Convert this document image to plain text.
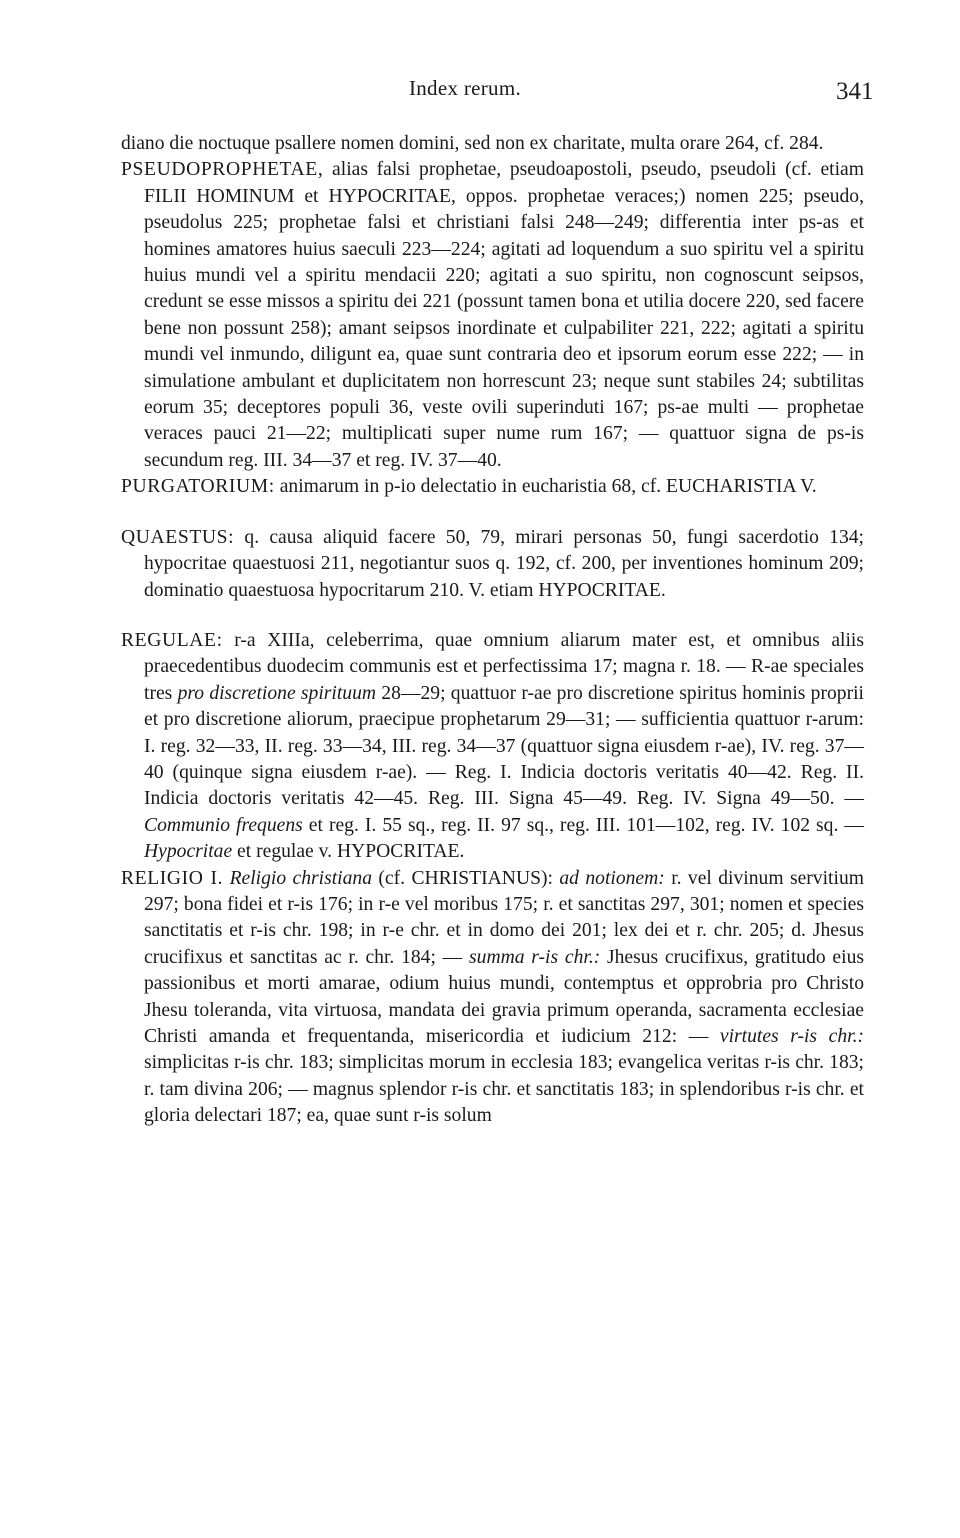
Index rerum.	341

diano die noctuque psallere nomen domini, sed non ex charitate, multa orare 264, cf. 284.

PSEUDOPROPHETAE, alias falsi prophetae, pseudoapostoli, pseudo, pseudoli (cf. etiam FILII HOMINUM et HYPOCRITAE, oppos. prophetae veraces;) nomen 225; pseudo, pseudolus 225; prophetae falsi et christiani falsi 248—249; differentia inter ps-as et homines amatores huius saeculi 223—224; agitati ad loquendum a suo spiritu vel a spiritu huius mundi vel a spiritu mendacii 220; agitati a suo spiritu, non cognoscunt seipsos, credunt se esse missos a spiritu dei 221 (possunt tamen bona et utilia docere 220, sed facere bene non possunt 258); amant seipsos inordinate et culpabiliter 221, 222; agitati a spiritu mundi vel inmundo, diligunt ea, quae sunt contraria deo et ipsorum eorum esse 222; — in simulatione ambulant et duplicitatem non horrescunt 23; neque sunt stabiles 24; subtilitas eorum 35; deceptores populi 36, veste ovili superinduti 167; ps-ae multi — prophetae veraces pauci 21—22; multiplicati super nume rum 167; — quattuor signa de ps-is secundum reg. III. 34—37 et reg. IV. 37—40.

PURGATORIUM: animarum in p-io delectatio in eucharistia 68, cf. EUCHARISTIA V.

QUAESTUS: q. causa aliquid facere 50, 79, mirari personas 50, fungi sacerdotio 134; hypocritae quaestuosi 211, negotiantur suos q. 192, cf. 200, per inventiones hominum 209; dominatio quaestuosa hypocritarum 210. V. etiam HYPOCRITAE.

REGULAE: r-a XIIIa, celeberrima, quae omnium aliarum mater est, et omnibus aliis praecedentibus duodecim communis est et perfectissima 17; magna r. 18. — R-ae speciales tres pro discretione spirituum 28—29; quattuor r-ae pro discretione spiritus hominis proprii et pro discretione aliorum, praecipue prophetarum 29—31; — sufficientia quattuor r-arum: I. reg. 32—33, II. reg. 33—34, III. reg. 34—37 (quattuor signa eiusdem r-ae), IV. reg. 37—40 (quinque signa eiusdem r-ae). — Reg. I. Indicia doctoris veritatis 40—42. Reg. II. Indicia doctoris veritatis 42—45. Reg. III. Signa 45—49. Reg. IV. Signa 49—50. — Communio frequens et reg. I. 55 sq., reg. II. 97 sq., reg. III. 101—102, reg. IV. 102 sq. — Hypocritae et regulae v. HYPOCRITAE.

RELIGIO I. Religio christiana (cf. CHRISTIANUS): ad notionem: r. vel divinum servitium 297; bona fidei et r-is 176; in r-e vel moribus 175; r. et sanctitas 297, 301; nomen et species sanctitatis et r-is chr. 198; in r-e chr. et in domo dei 201; lex dei et r. chr. 205; d. Jhesus crucifixus et sanctitas ac r. chr. 184; — summa r-is chr.: Jhesus crucifixus, gratitudo eius passionibus et morti amarae, odium huius mundi, contemptus et opprobria pro Christo Jhesu toleranda, vita virtuosa, mandata dei gravia primum operanda, sacramenta ecclesiae Christi amanda et frequentanda, misericordia et iudicium 212: — virtutes r-is chr.: simplicitas r-is chr. 183; simplicitas morum in ecclesia 183; evangelica veritas r-is chr. 183; r. tam divina 206; — magnus splendor r-is chr. et sanctitatis 183; in splendoribus r-is chr. et gloria delectari 187; ea, quae sunt r-is solum
